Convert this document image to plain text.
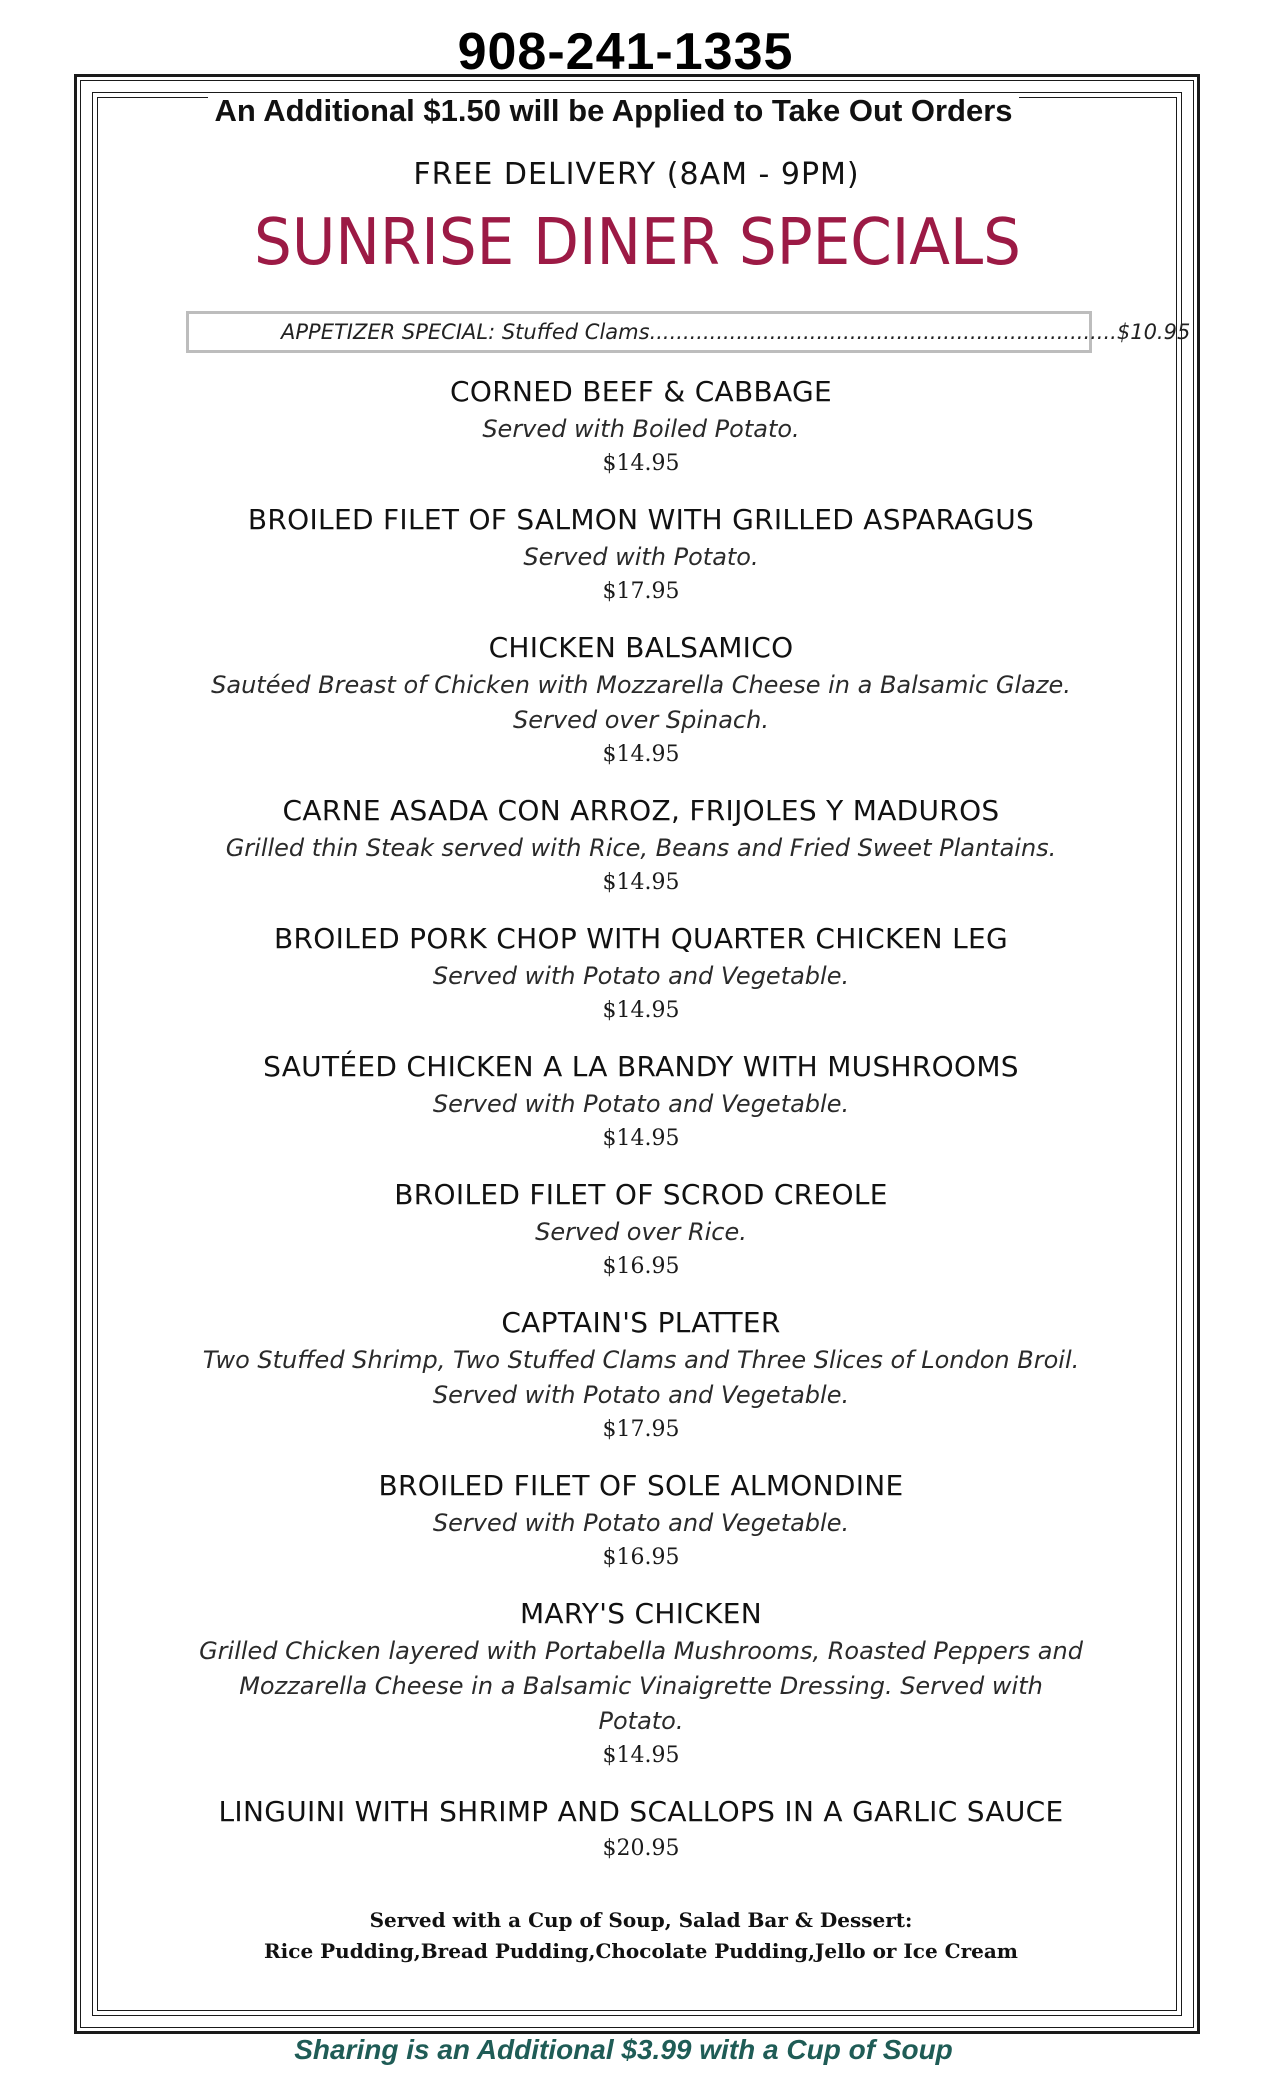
908-241-1335
An Additional $1.50 will be Applied to Take Out Orders
FREE DELIVERY (8AM - 9PM)
SUNRISE DINER SPECIALS
APPETIZER SPECIAL: Stuffed Clams......................................................................$10.95
CORNED BEEF & CABBAGE
Served with Boiled Potato.
$14.95
BROILED FILET OF SALMON WITH GRILLED ASPARAGUS
Served with Potato.
$17.95
CHICKEN BALSAMICO
Sautéed Breast of Chicken with Mozzarella Cheese in a Balsamic Glaze.
Served over Spinach.
$14.95
CARNE ASADA CON ARROZ, FRIJOLES Y MADUROS
Grilled thin Steak served with Rice, Beans and Fried Sweet Plantains.
$14.95
BROILED PORK CHOP WITH QUARTER CHICKEN LEG
Served with Potato and Vegetable.
$14.95
SAUTÉED CHICKEN A LA BRANDY WITH MUSHROOMS
Served with Potato and Vegetable.
$14.95
BROILED FILET OF SCROD CREOLE
Served over Rice.
$16.95
CAPTAIN'S PLATTER
Two Stuffed Shrimp, Two Stuffed Clams and Three Slices of London Broil.
Served with Potato and Vegetable.
$17.95
BROILED FILET OF SOLE ALMONDINE
Served with Potato and Vegetable.
$16.95
MARY'S CHICKEN
Grilled Chicken layered with Portabella Mushrooms, Roasted Peppers and
Mozzarella Cheese in a Balsamic Vinaigrette Dressing. Served with
Potato.
$14.95
LINGUINI WITH SHRIMP AND SCALLOPS IN A GARLIC SAUCE
$20.95
Served with a Cup of Soup, Salad Bar & Dessert:
Rice Pudding,Bread Pudding,Chocolate Pudding,Jello or Ice Cream
Sharing is an Additional $3.99 with a Cup of Soup
